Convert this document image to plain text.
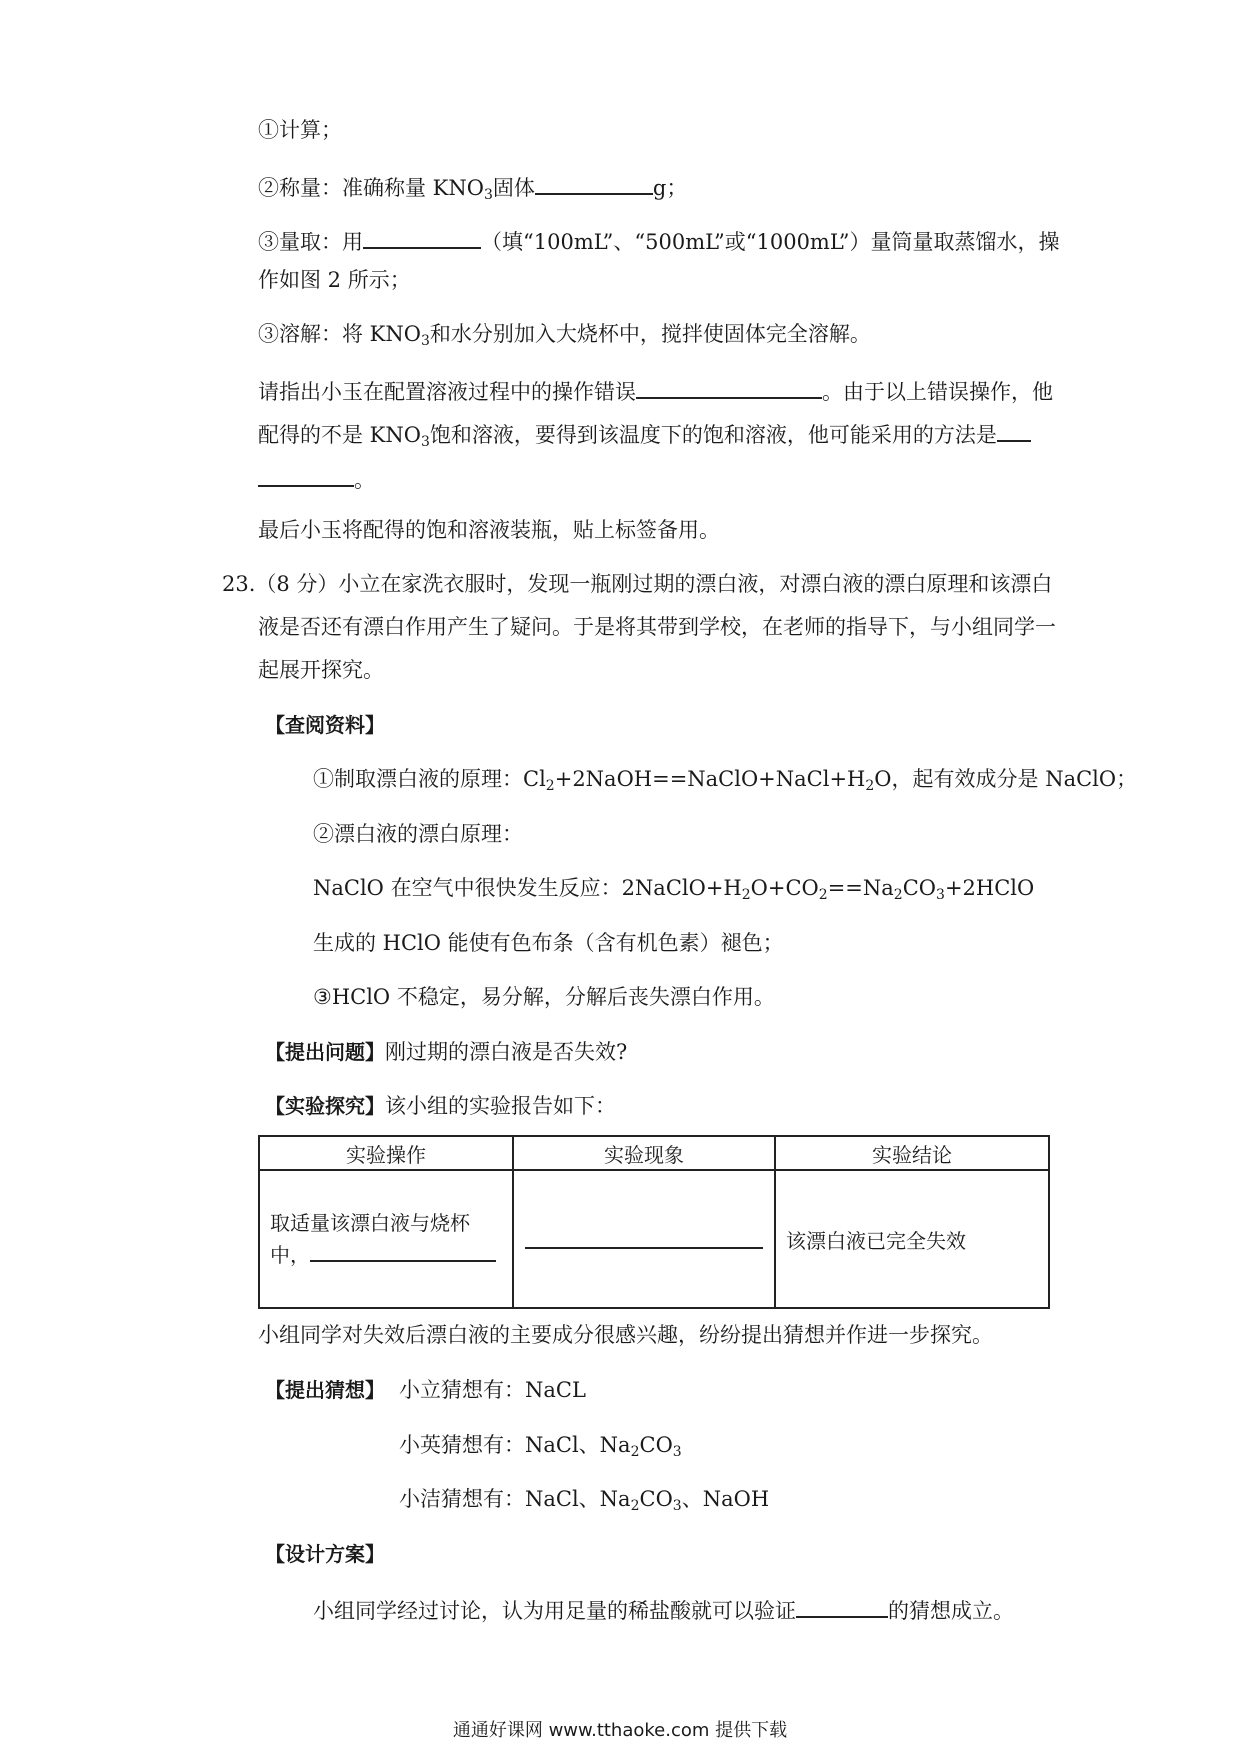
①计算；
②称量：准确称量 $KNO_3$固体	g；
③量取：用	（填“100mL”、“500mL”或“1000mL”）量筒量取蒸馏水，操
作如图 2 所示；
③溶解：将 $KNO_3$和水分别加入大烧杯中，搅拌使固体完全溶解。
请指出小玉在配置溶液过程中的操作错误	。由于以上错误操作，他
配得的不是 $KNO_3$饱和溶液，要得到该温度下的饱和溶液，他可能采用的方法是
。
最后小玉将配得的饱和溶液装瓶，贴上标签备用。
23.（8 分）小立在家洗衣服时，发现一瓶刚过期的漂白液，对漂白液的漂白原理和该漂白
液是否还有漂白作用产生了疑问。于是将其带到学校，在老师的指导下，与小组同学一
起展开探究。
【查阅资料】
①制取漂白液的原理：$Cl_2+2NaOH==NaClO+NaCl+H_2O$，起有效成分是 NaClO；
②漂白液的漂白原理：
NaClO 在空气中很快发生反应：$2NaClO+H_2O+CO_2==Na_2CO_3+2HClO$
生成的 HClO 能使有色布条（含有机色素）褪色；
③HClO 不稳定，易分解，分解后丧失漂白作用。
【提出问题】刚过期的漂白液是否失效?
【实验探究】该小组的实验报告如下：
实验操作	实验现象	实验结论

取适量该漂白液与烧杯
中，		该漂白液已完全失效
小组同学对失效后漂白液的主要成分很感兴趣，纷纷提出猜想并作进一步探究。
【提出猜想】 小立猜想有：NaCL
小英猜想有：NaCl、$Na_2CO_3$
小洁猜想有：NaCl、$Na_2CO_3$、NaOH
【设计方案】
小组同学经过讨论，认为用足量的稀盐酸就可以验证	的猜想成立。
通通好课网 www.tthaoke.com 提供下载
